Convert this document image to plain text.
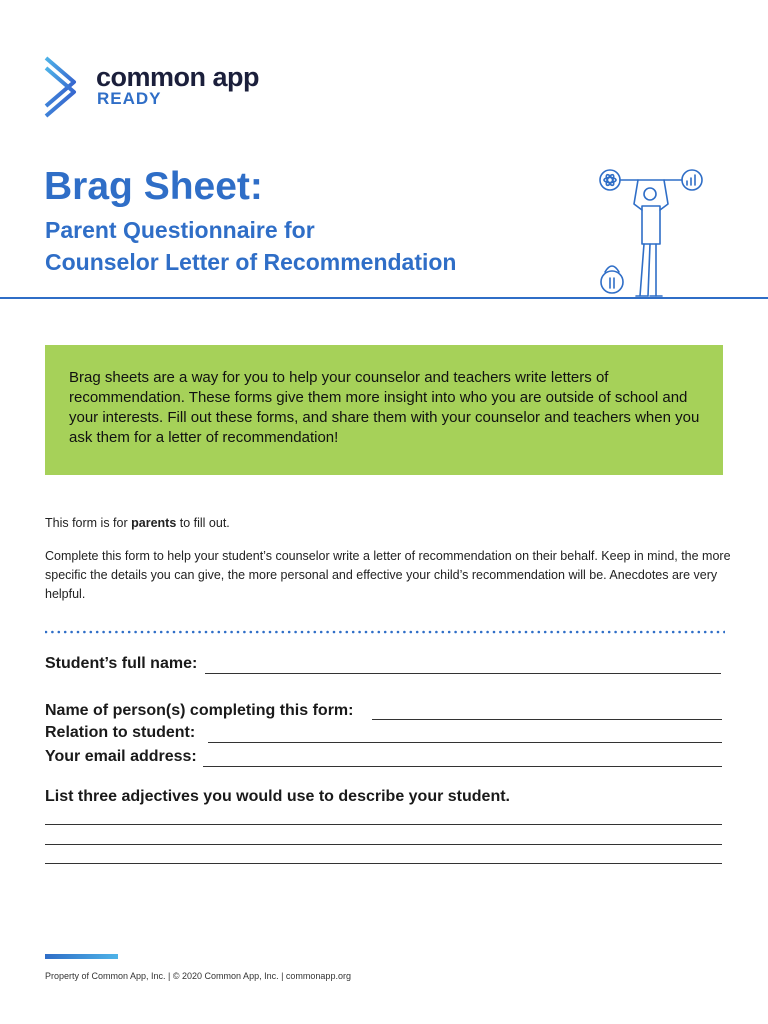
common app
READY
Brag Sheet:
Parent Questionnaire for
Counselor Letter of Recommendation

Brag sheets are a way for you to help your counselor and teachers write letters of recommendation. These forms give them more insight into who you are outside of school and your interests. Fill out these forms, and share them with your counselor and teachers when you ask them for a letter of recommendation!

This form is for parents to fill out.

Complete this form to help your student’s counselor write a letter of recommendation on their behalf. Keep in mind, the more specific the details you can give, the more personal and effective your child’s recommendation will be. Anecdotes are very helpful.

Student’s full name:
Name of person(s) completing this form:
Relation to student:
Your email address:
List three adjectives you would use to describe your student.
Property of Common App, Inc. | © 2020 Common App, Inc. | commonapp.org
